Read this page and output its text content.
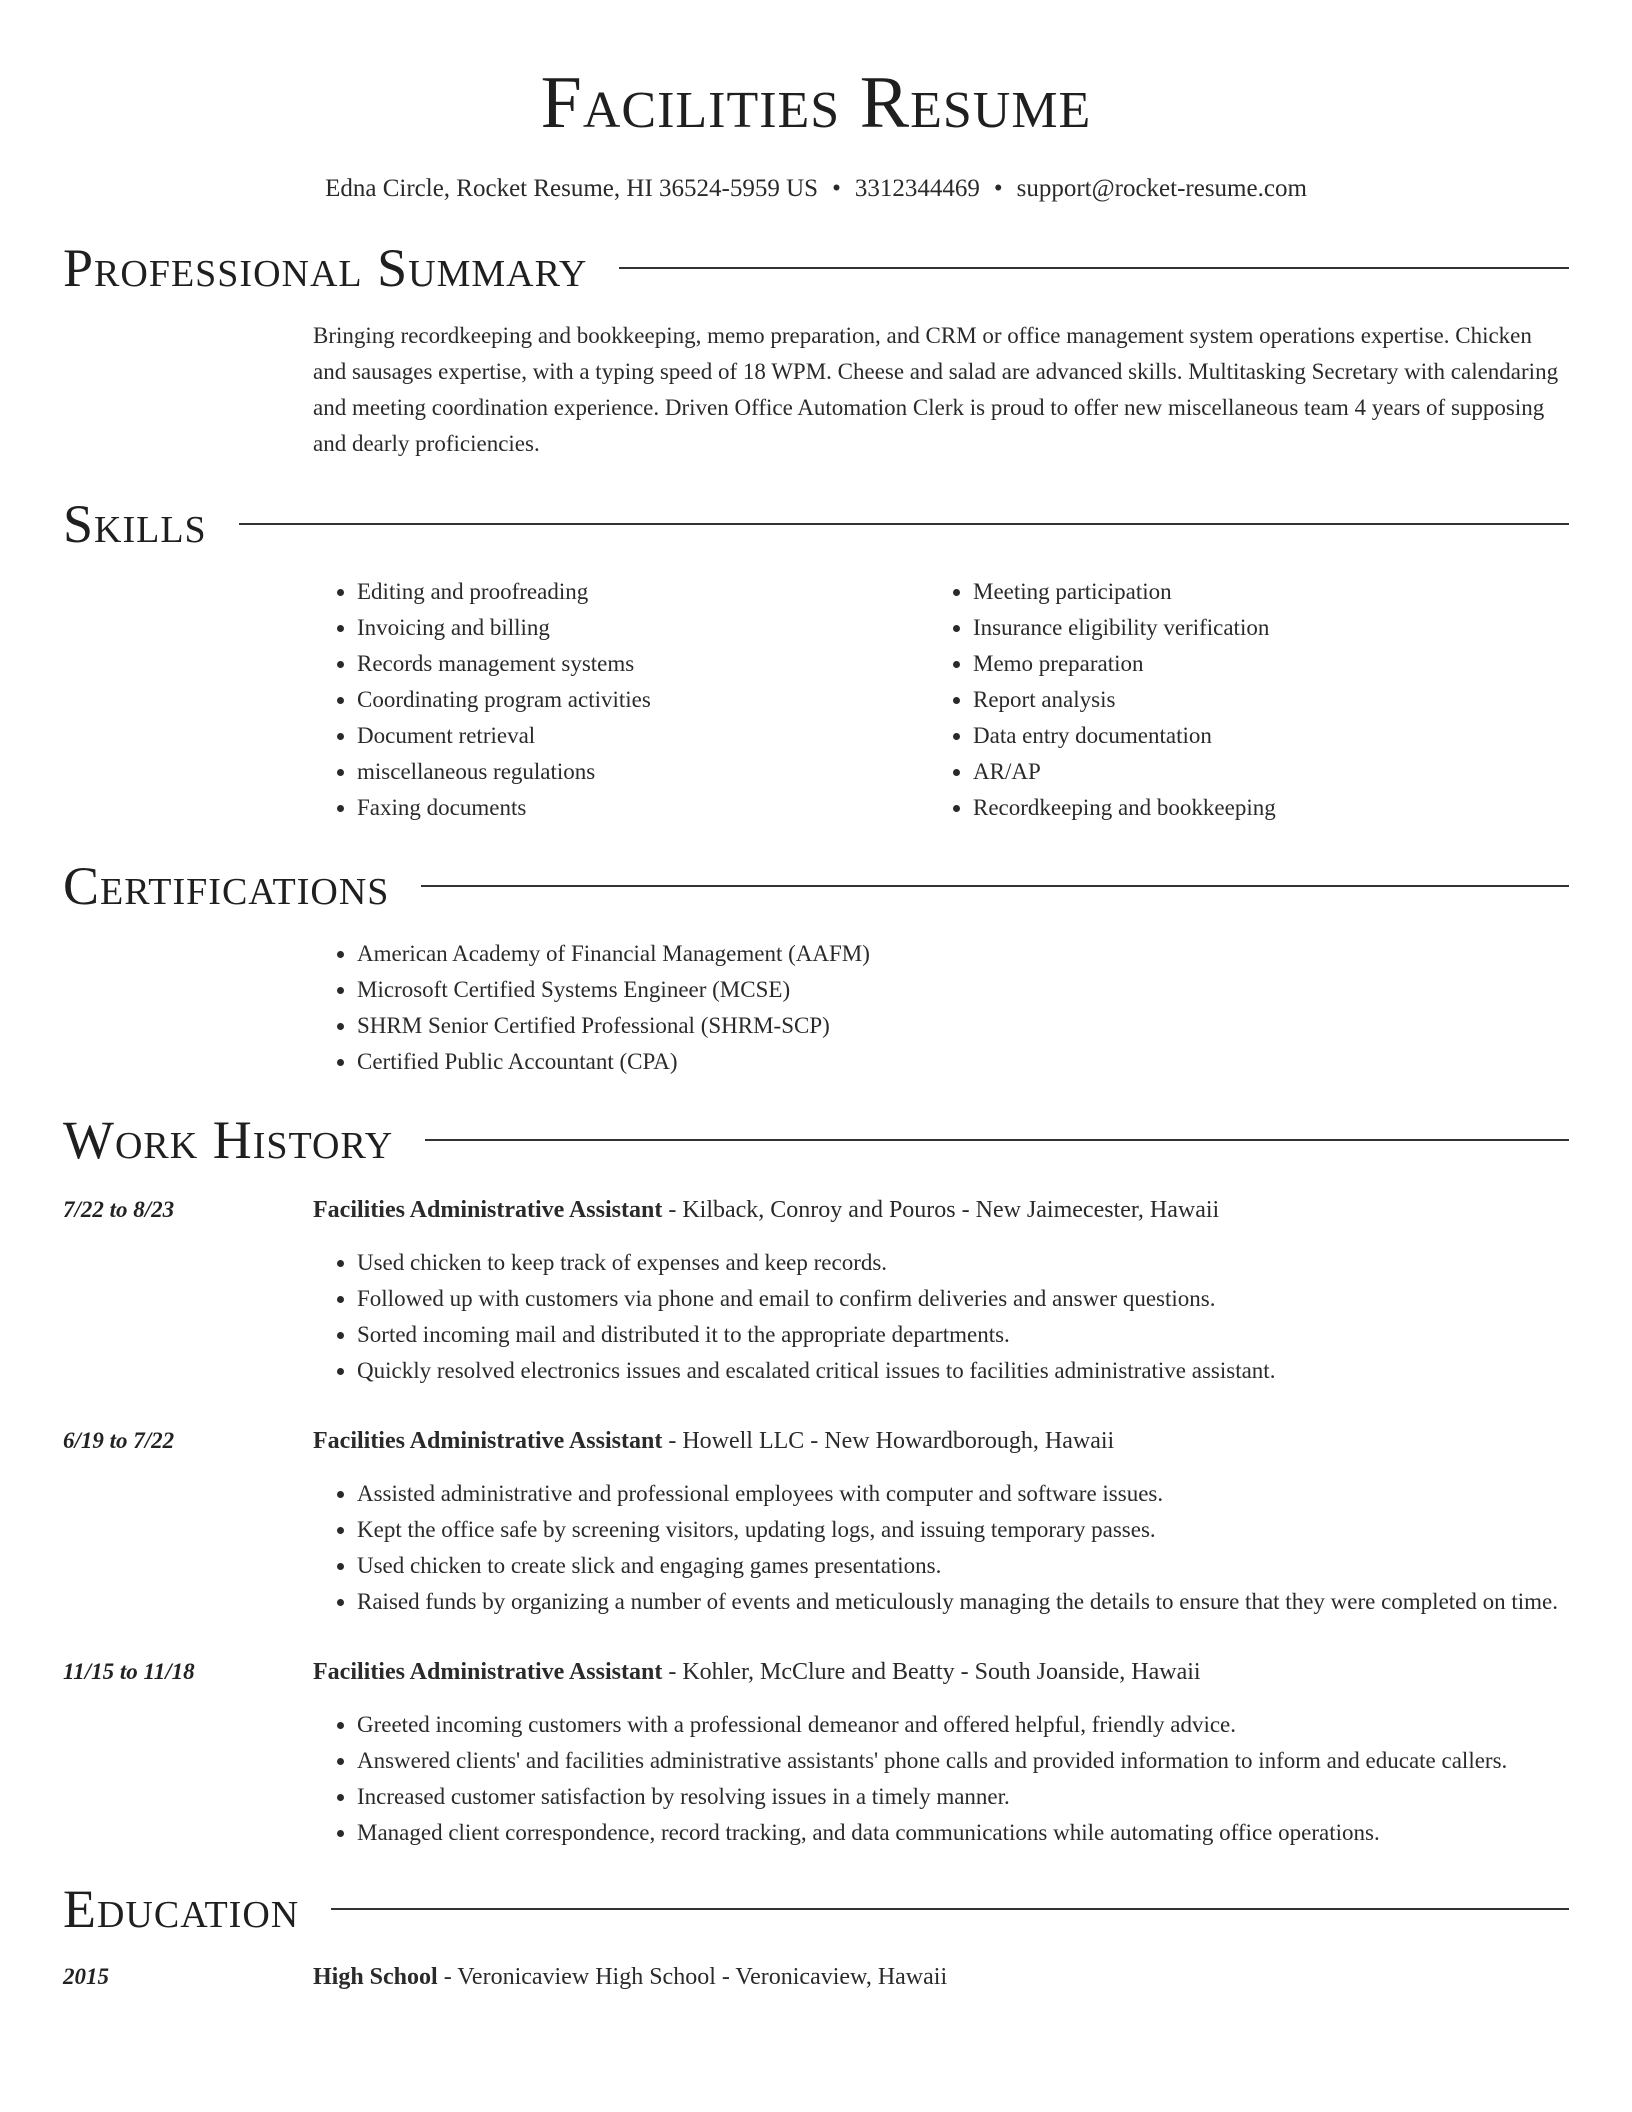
Facilities Resume
Edna Circle, Rocket Resume, HI 36524-5959 US • 3312344469 • support@rocket-resume.com
Professional Summary
Bringing recordkeeping and bookkeeping, memo preparation, and CRM or office management system operations expertise. Chicken and sausages expertise, with a typing speed of 18 WPM. Cheese and salad are advanced skills. Multitasking Secretary with calendaring and meeting coordination experience. Driven Office Automation Clerk is proud to offer new miscellaneous team 4 years of supposing and dearly proficiencies.
Skills
• Editing and proofreading
• Invoicing and billing
• Records management systems
• Coordinating program activities
• Document retrieval
• miscellaneous regulations
• Faxing documents
• Meeting participation
• Insurance eligibility verification
• Memo preparation
• Report analysis
• Data entry documentation
• AR/AP
• Recordkeeping and bookkeeping
Certifications
• American Academy of Financial Management (AAFM)
• Microsoft Certified Systems Engineer (MCSE)
• SHRM Senior Certified Professional (SHRM-SCP)
• Certified Public Accountant (CPA)
Work History
7/22 to 8/23	Facilities Administrative Assistant - Kilback, Conroy and Pouros - New Jaimecester, Hawaii
• Used chicken to keep track of expenses and keep records.
• Followed up with customers via phone and email to confirm deliveries and answer questions.
• Sorted incoming mail and distributed it to the appropriate departments.
• Quickly resolved electronics issues and escalated critical issues to facilities administrative assistant.
6/19 to 7/22	Facilities Administrative Assistant - Howell LLC - New Howardborough, Hawaii
• Assisted administrative and professional employees with computer and software issues.
• Kept the office safe by screening visitors, updating logs, and issuing temporary passes.
• Used chicken to create slick and engaging games presentations.
• Raised funds by organizing a number of events and meticulously managing the details to ensure that they were completed on time.
11/15 to 11/18	Facilities Administrative Assistant - Kohler, McClure and Beatty - South Joanside, Hawaii
• Greeted incoming customers with a professional demeanor and offered helpful, friendly advice.
• Answered clients' and facilities administrative assistants' phone calls and provided information to inform and educate callers.
• Increased customer satisfaction by resolving issues in a timely manner.
• Managed client correspondence, record tracking, and data communications while automating office operations.
Education
2015	High School - Veronicaview High School - Veronicaview, Hawaii
